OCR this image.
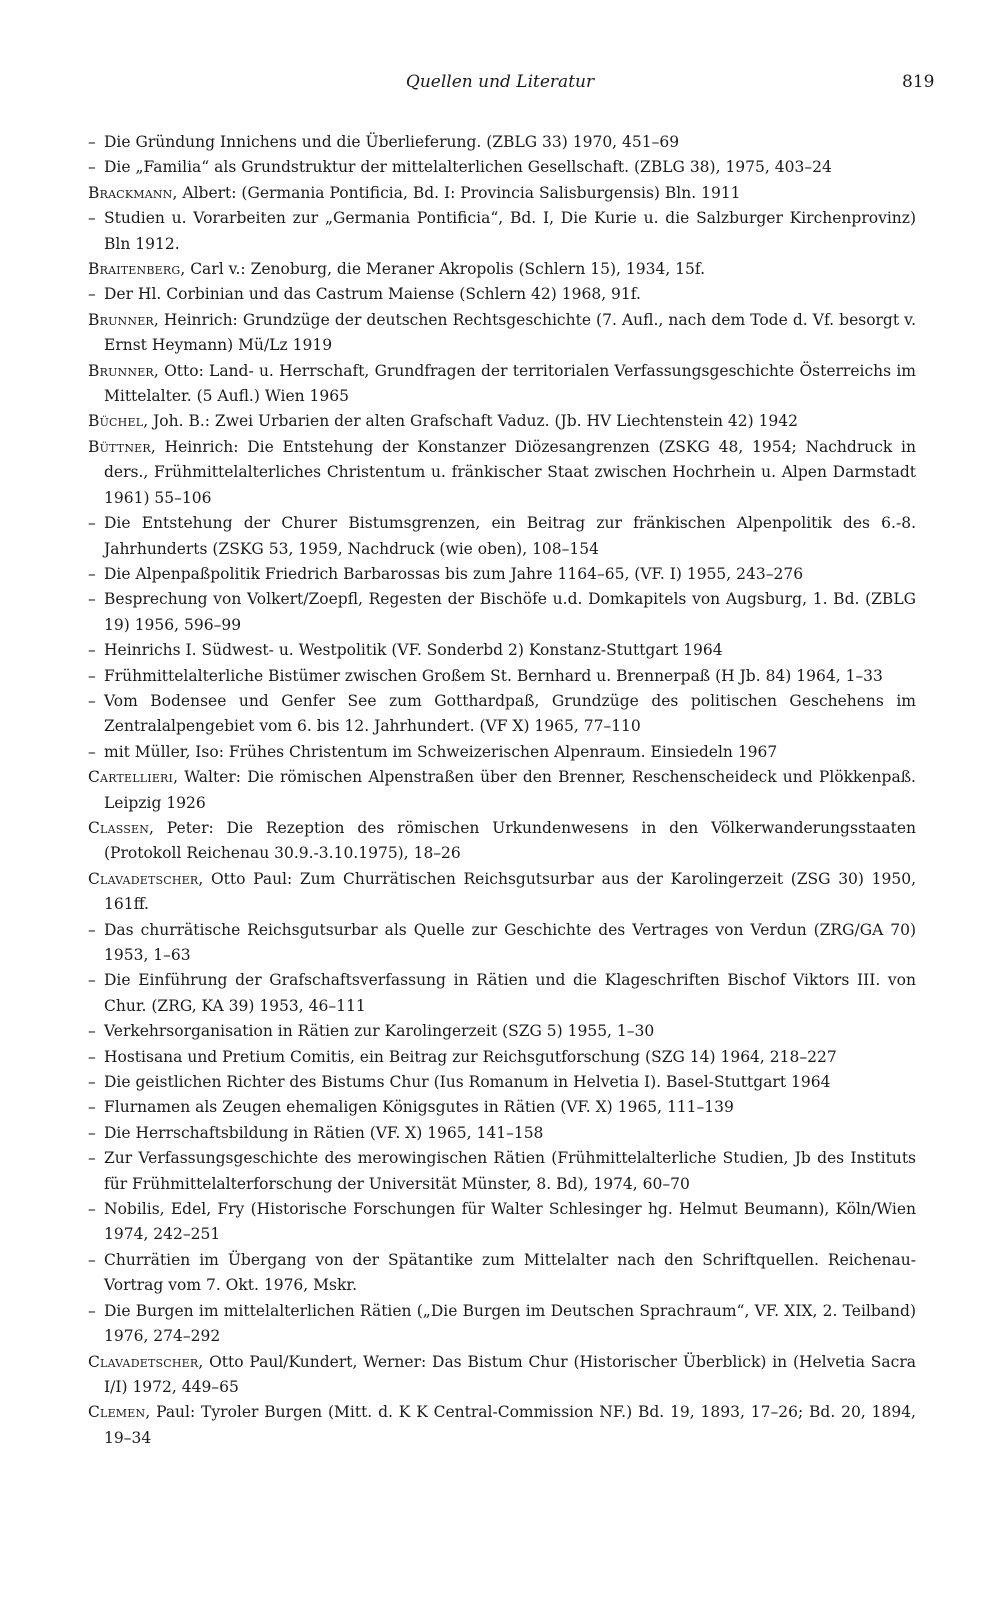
Quellen und Literatur	819
– Die Gründung Innichens und die Überlieferung. (ZBLG 33) 1970, 451–69
– Die „Familia“ als Grundstruktur der mittelalterlichen Gesellschaft. (ZBLG 38), 1975, 403–24
Brackmann, Albert: (Germania Pontificia, Bd. I: Provincia Salisburgensis) Bln. 1911
– Studien u. Vorarbeiten zur „Germania Pontificia“, Bd. I, Die Kurie u. die Salzburger Kirchenprovinz) Bln 1912.
Braitenberg, Carl v.: Zenoburg, die Meraner Akropolis (Schlern 15), 1934, 15f.
– Der Hl. Corbinian und das Castrum Maiense (Schlern 42) 1968, 91f.
Brunner, Heinrich: Grundzüge der deutschen Rechtsgeschichte (7. Aufl., nach dem Tode d. Vf. besorgt v. Ernst Heymann) Mü/Lz 1919
Brunner, Otto: Land- u. Herrschaft, Grundfragen der territorialen Verfassungsgeschichte Österreichs im Mittelalter. (5 Aufl.) Wien 1965
Büchel, Joh. B.: Zwei Urbarien der alten Grafschaft Vaduz. (Jb. HV Liechtenstein 42) 1942
Büttner, Heinrich: Die Entstehung der Konstanzer Diözesangrenzen (ZSKG 48, 1954; Nachdruck in ders., Frühmittelalterliches Christentum u. fränkischer Staat zwischen Hochrhein u. Alpen Darmstadt 1961) 55–106
– Die Entstehung der Churer Bistumsgrenzen, ein Beitrag zur fränkischen Alpenpolitik des 6.-8. Jahrhunderts (ZSKG 53, 1959, Nachdruck (wie oben), 108–154
– Die Alpenpaßpolitik Friedrich Barbarossas bis zum Jahre 1164–65, (VF. I) 1955, 243–276
– Besprechung von Volkert/Zoepfl, Regesten der Bischöfe u.d. Domkapitels von Augsburg, 1. Bd. (ZBLG 19) 1956, 596–99
– Heinrichs I. Südwest- u. Westpolitik (VF. Sonderbd 2) Konstanz-Stuttgart 1964
– Frühmittelalterliche Bistümer zwischen Großem St. Bernhard u. Brennerpaß (H Jb. 84) 1964, 1–33
– Vom Bodensee und Genfer See zum Gotthardpaß, Grundzüge des politischen Geschehens im Zentralalpengebiet vom 6. bis 12. Jahrhundert. (VF X) 1965, 77–110
– mit Müller, Iso: Frühes Christentum im Schweizerischen Alpenraum. Einsiedeln 1967
Cartellieri, Walter: Die römischen Alpenstraßen über den Brenner, Reschenscheideck und Plökkenpaß. Leipzig 1926
Classen, Peter: Die Rezeption des römischen Urkundenwesens in den Völkerwanderungsstaaten (Protokoll Reichenau 30.9.-3.10.1975), 18–26
Clavadetscher, Otto Paul: Zum Churrätischen Reichsgutsurbar aus der Karolingerzeit (ZSG 30) 1950, 161ff.
– Das churrätische Reichsgutsurbar als Quelle zur Geschichte des Vertrages von Verdun (ZRG/GA 70) 1953, 1–63
– Die Einführung der Grafschaftsverfassung in Rätien und die Klageschriften Bischof Viktors III. von Chur. (ZRG, KA 39) 1953, 46–111
– Verkehrsorganisation in Rätien zur Karolingerzeit (SZG 5) 1955, 1–30
– Hostisana und Pretium Comitis, ein Beitrag zur Reichsgutforschung (SZG 14) 1964, 218–227
– Die geistlichen Richter des Bistums Chur (Ius Romanum in Helvetia I). Basel-Stuttgart 1964
– Flurnamen als Zeugen ehemaligen Königsgutes in Rätien (VF. X) 1965, 111–139
– Die Herrschaftsbildung in Rätien (VF. X) 1965, 141–158
– Zur Verfassungsgeschichte des merowingischen Rätien (Frühmittelalterliche Studien, Jb des Instituts für Frühmittelalterforschung der Universität Münster, 8. Bd), 1974, 60–70
– Nobilis, Edel, Fry (Historische Forschungen für Walter Schlesinger hg. Helmut Beumann), Köln/Wien 1974, 242–251
– Churrätien im Übergang von der Spätantike zum Mittelalter nach den Schriftquellen. Reichenau-Vortrag vom 7. Okt. 1976, Mskr.
– Die Burgen im mittelalterlichen Rätien („Die Burgen im Deutschen Sprachraum“, VF. XIX, 2. Teilband) 1976, 274–292
Clavadetscher, Otto Paul/Kundert, Werner: Das Bistum Chur (Historischer Überblick) in (Helvetia Sacra I/I) 1972, 449–65
Clemen, Paul: Tyroler Burgen (Mitt. d. K K Central-Commission NF.) Bd. 19, 1893, 17–26; Bd. 20, 1894, 19–34
